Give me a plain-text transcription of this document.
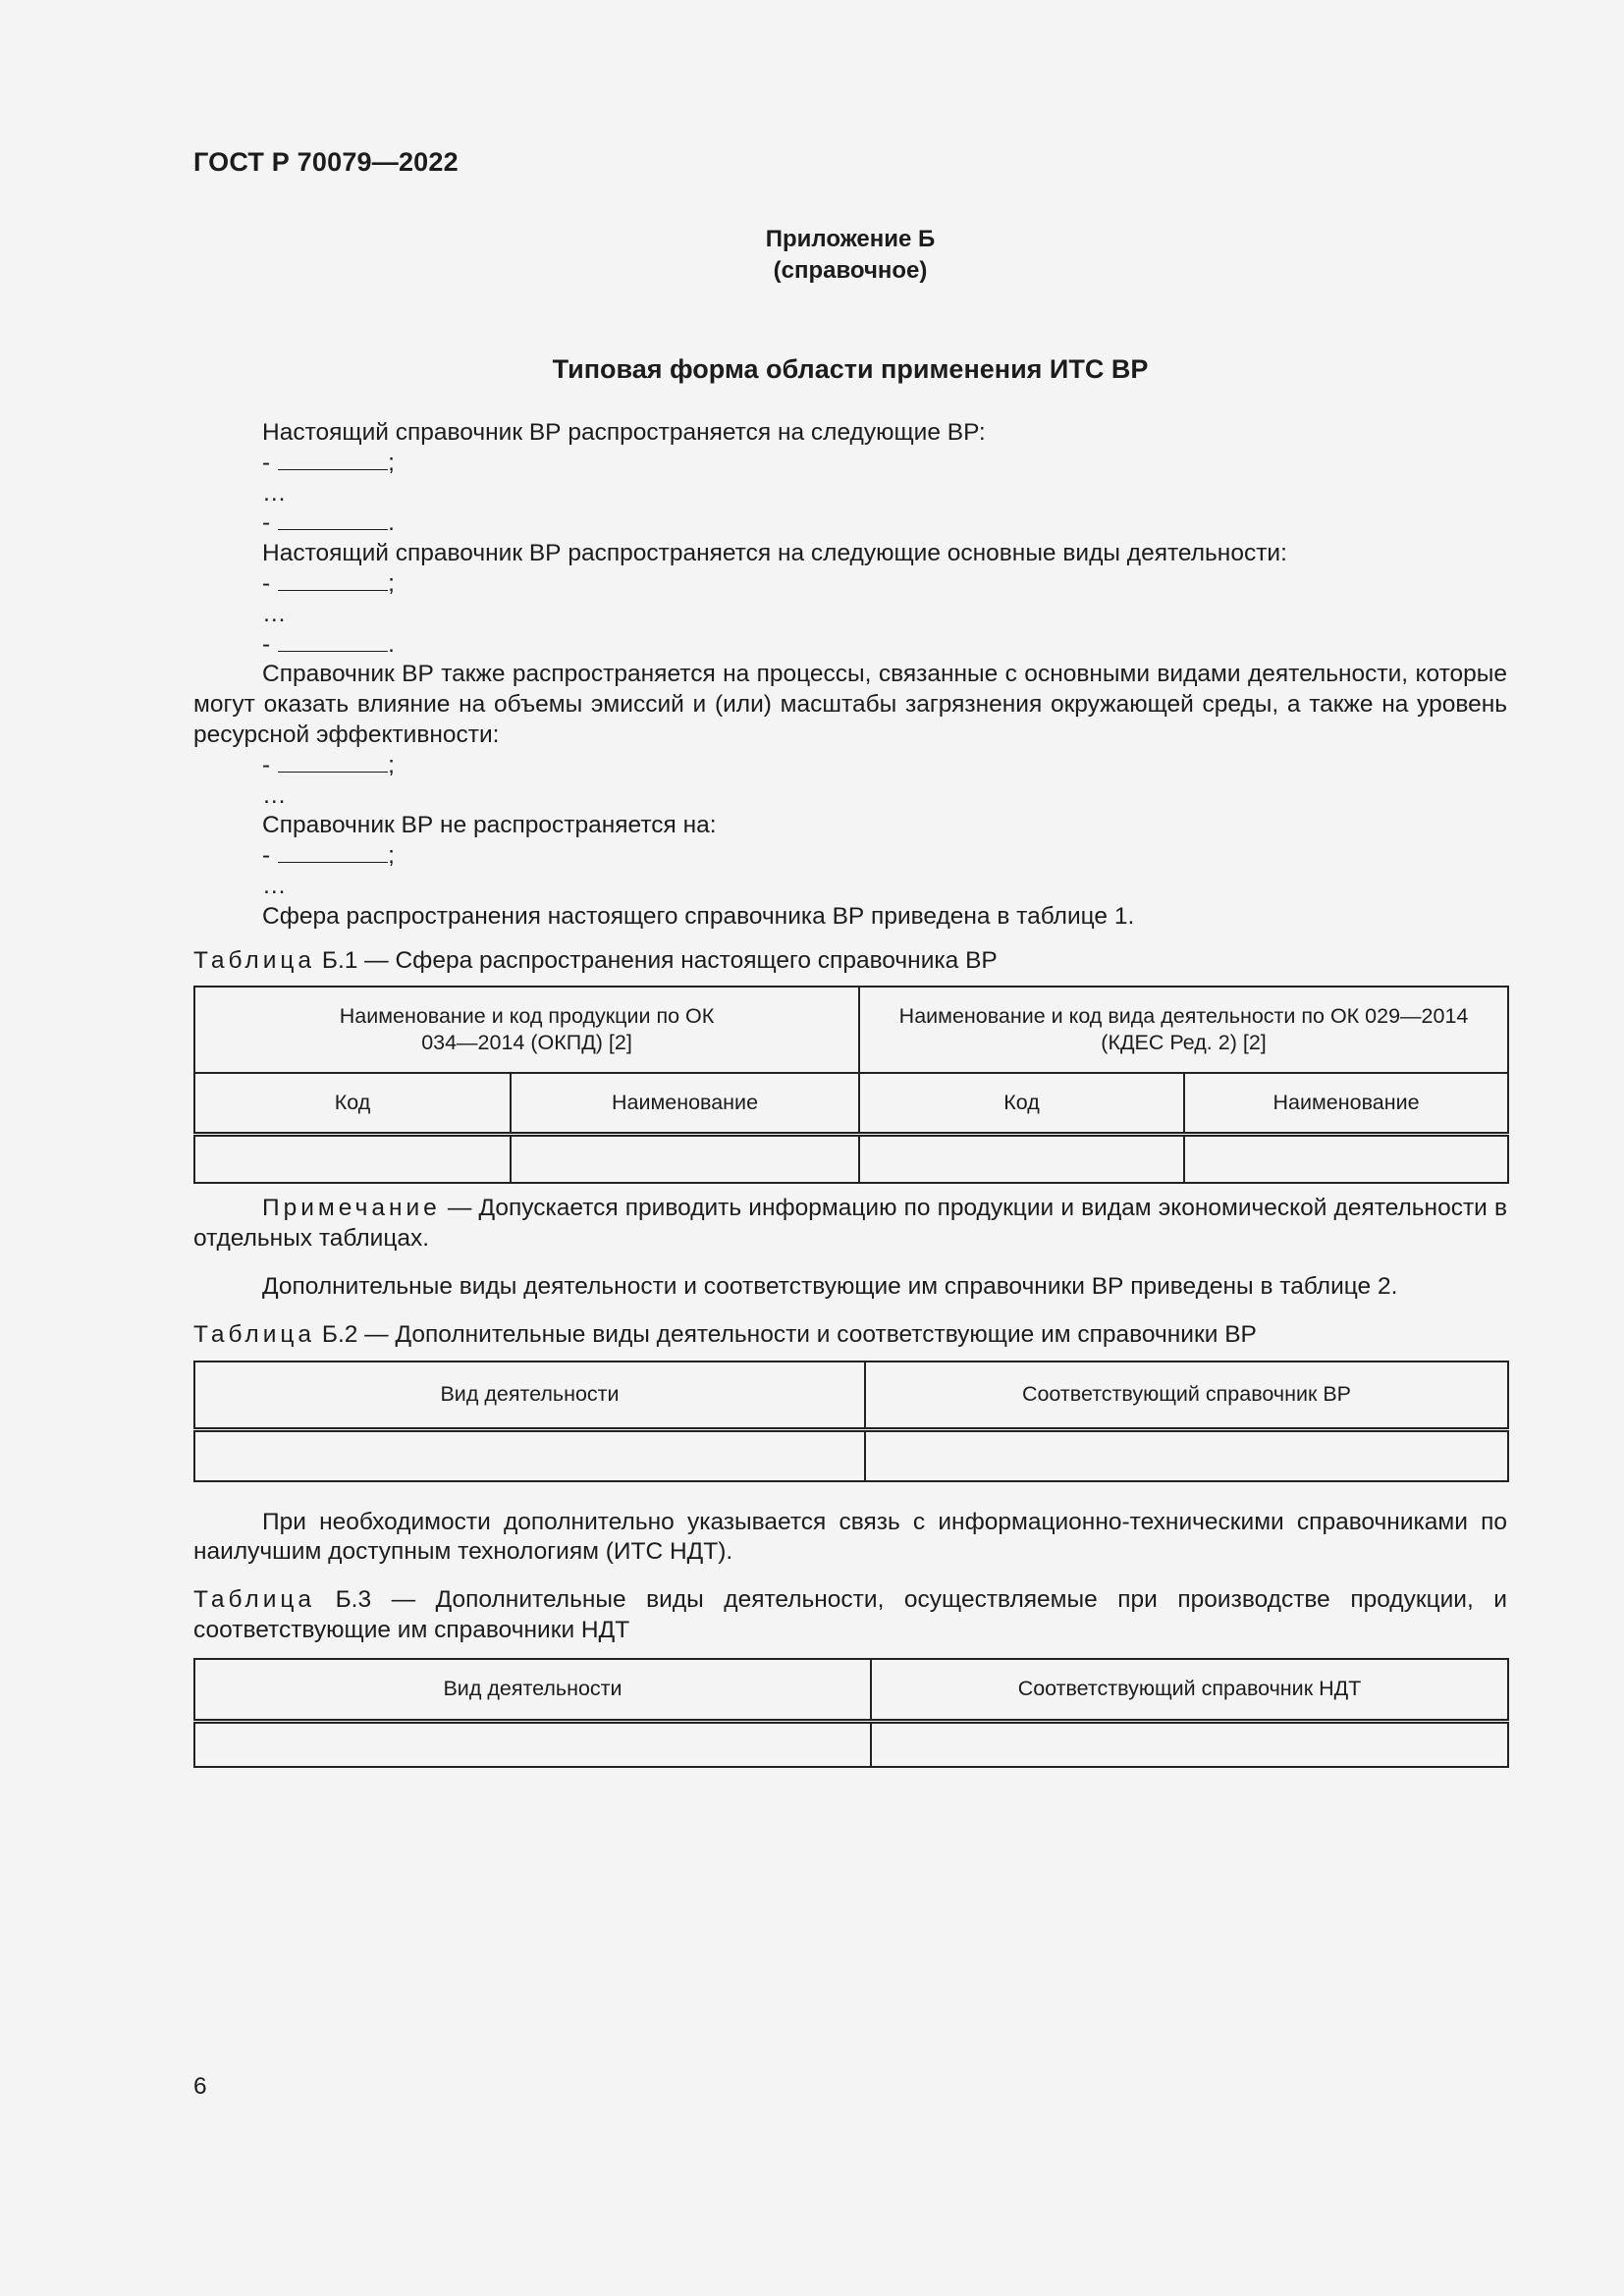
ГОСТ Р 70079—2022
Приложение Б
(справочное)
Типовая форма области применения ИТС ВР

Настоящий справочник ВР распространяется на следующие ВР:

-	;

…

-	.

Настоящий справочник ВР распространяется на следующие основные виды деятельности:

-	;

…

-	.

Справочник ВР также распространяется на процессы, связанные с основными видами деятельности, которые могут оказать влияние на объемы эмиссий и (или) масштабы загрязнения окружающей среды, а также на уровень ресурсной эффективности:

-	;

…

Справочник ВР не распространяется на:

-	;

…

Сфера распространения настоящего справочника ВР приведена в таблице 1.

Таблица Б.1 — Сфера распространения настоящего справочника ВР

Наименование и код продукции по ОК 034—2014 (ОКПД) [2]		Наименование и код вида деятельности по ОК 029—2014 (КДЕС Ред. 2) [2]	
Код	Наименование	Код	Наименование

Примечание — Допускается приводить информацию по продукции и видам экономической деятельности в отдельных таблицах.

Дополнительные виды деятельности и соответствующие им справочники ВР приведены в таблице 2.

Таблица Б.2 — Дополнительные виды деятельности и соответствующие им справочники ВР

Вид деятельности	Соответствующий справочник ВР

При необходимости дополнительно указывается связь с информационно-техническими справочниками по наилучшим доступным технологиям (ИТС НДТ).

Таблица Б.3 — Дополнительные виды деятельности, осуществляемые при производстве продукции, и соответствующие им справочники НДТ

Вид деятельности	Соответствующий справочник НДТ

6
